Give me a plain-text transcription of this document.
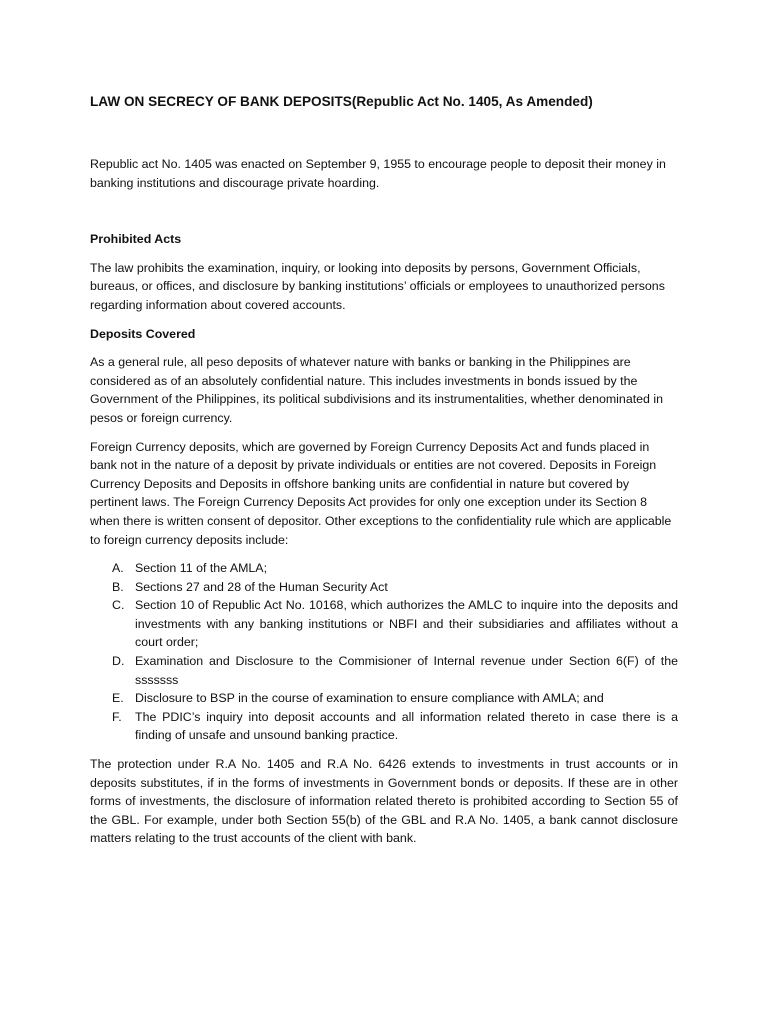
LAW ON SECRECY OF BANK DEPOSITS(Republic Act No. 1405, As Amended)

Republic act No. 1405 was enacted on September 9, 1955 to encourage people to deposit their money in banking institutions and discourage private hoarding.

Prohibited Acts

The law prohibits the examination, inquiry, or looking into deposits by persons, Government Officials, bureaus, or offices, and disclosure by banking institutions’ officials or employees to unauthorized persons regarding information about covered accounts.

Deposits Covered

As a general rule, all peso deposits of whatever nature with banks or banking in the Philippines are considered as of an absolutely confidential nature. This includes investments in bonds issued by the Government of the Philippines, its political subdivisions and its instrumentalities, whether denominated in pesos or foreign currency.

Foreign Currency deposits, which are governed by Foreign Currency Deposits Act and funds placed in bank not in the nature of a deposit by private individuals or entities are not covered. Deposits in Foreign Currency Deposits and Deposits in offshore banking units are confidential in nature but covered by pertinent laws. The Foreign Currency Deposits Act provides for only one exception under its Section 8 when there is written consent of depositor. Other exceptions to the confidentiality rule which are applicable to foreign currency deposits include:

A. Section 11 of the AMLA;
B. Sections 27 and 28 of the Human Security Act
C. Section 10 of Republic Act No. 10168, which authorizes the AMLC to inquire into the deposits and investments with any banking institutions or NBFI and their subsidiaries and affiliates without a court order;
D. Examination and Disclosure to the Commisioner of Internal revenue under Section 6(F) of the sssssss
E. Disclosure to BSP in the course of examination to ensure compliance with AMLA; and
F. The PDIC’s inquiry into deposit accounts and all information related thereto in case there is a finding of unsafe and unsound banking practice.

The protection under R.A No. 1405 and R.A No. 6426 extends to investments in trust accounts or in deposits substitutes, if in the forms of investments in Government bonds or deposits. If these are in other forms of investments, the disclosure of information related thereto is prohibited according to Section 55 of the GBL. For example, under both Section 55(b) of the GBL and R.A No. 1405, a bank cannot disclosure matters relating to the trust accounts of the client with bank.
